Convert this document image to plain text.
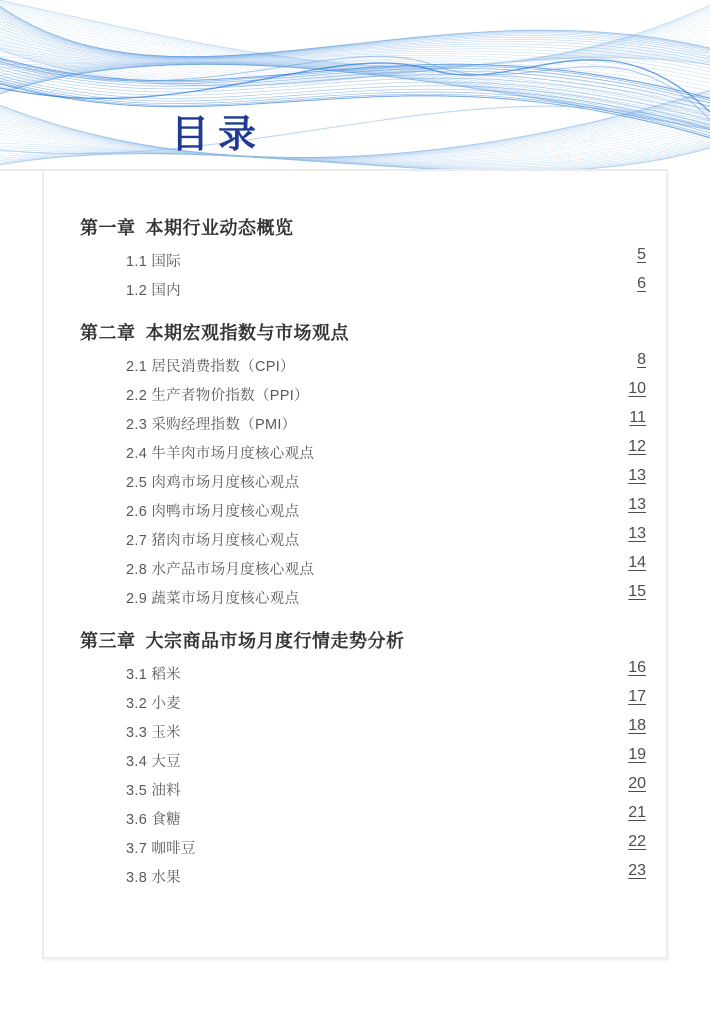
目录
第一章 本期行业动态概览
1.1 国际	5
1.2 国内	6
第二章 本期宏观指数与市场观点
2.1 居民消费指数（CPI）	8
2.2 生产者物价指数（PPI）	10
2.3 采购经理指数（PMI）	11
2.4 牛羊肉市场月度核心观点	12
2.5 肉鸡市场月度核心观点	13
2.6 肉鸭市场月度核心观点	13
2.7 猪肉市场月度核心观点	13
2.8 水产品市场月度核心观点	14
2.9 蔬菜市场月度核心观点	15
第三章 大宗商品市场月度行情走势分析
3.1 稻米	16
3.2 小麦	17
3.3 玉米	18
3.4 大豆	19
3.5 油料	20
3.6 食糖	21
3.7 咖啡豆	22
3.8 水果	23
